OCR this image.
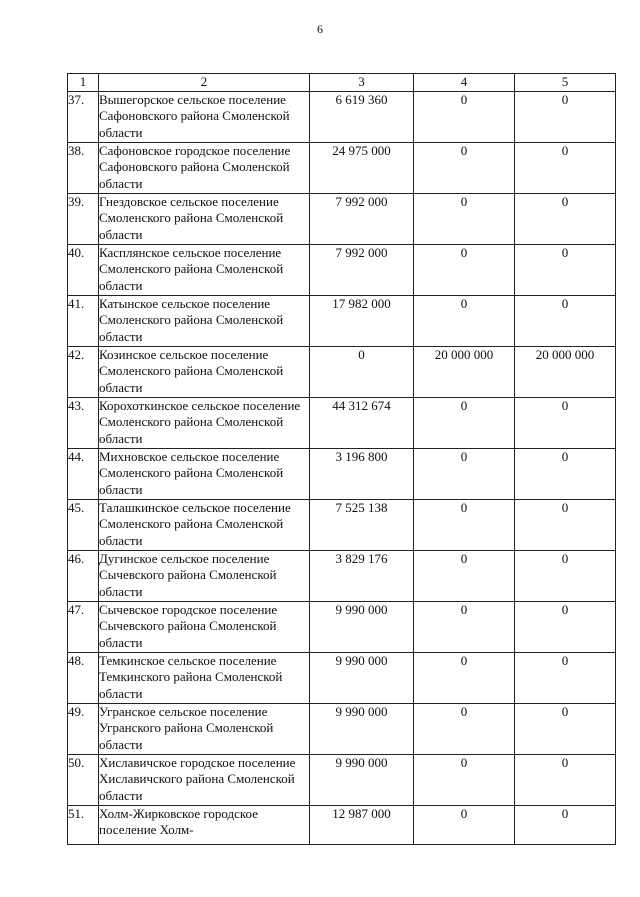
6
1	2	3	4	5
37.	Вышегорское сельское поселение Сафоновского района Смоленской области	6 619 360	0	0
38.	Сафоновское городское поселение Сафоновского района Смоленской области	24 975 000	0	0
39.	Гнездовское сельское поселение Смоленского района Смоленской области	7 992 000	0	0
40.	Касплянское сельское поселение Смоленского района Смоленской области	7 992 000	0	0
41.	Катынское сельское поселение Смоленского района Смоленской области	17 982 000	0	0
42.	Козинское сельское поселение Смоленского района Смоленской области	0	20 000 000	20 000 000
43.	Корохоткинское сельское поселение Смоленского района Смоленской области	44 312 674	0	0
44.	Михновское сельское поселение Смоленского района Смоленской области	3 196 800	0	0
45.	Талашкинское сельское поселение Смоленского района Смоленской области	7 525 138	0	0
46.	Дугинское сельское поселение Сычевского района Смоленской области	3 829 176	0	0
47.	Сычевское городское поселение Сычевского района Смоленской области	9 990 000	0	0
48.	Темкинское сельское поселение Темкинского района Смоленской области	9 990 000	0	0
49.	Угранское сельское поселение Угранского района Смоленской области	9 990 000	0	0
50.	Хиславичское городское поселение Хиславичского района Смоленской области	9 990 000	0	0
51.	Холм-Жирковское городское поселение Холм-	12 987 000	0	0
